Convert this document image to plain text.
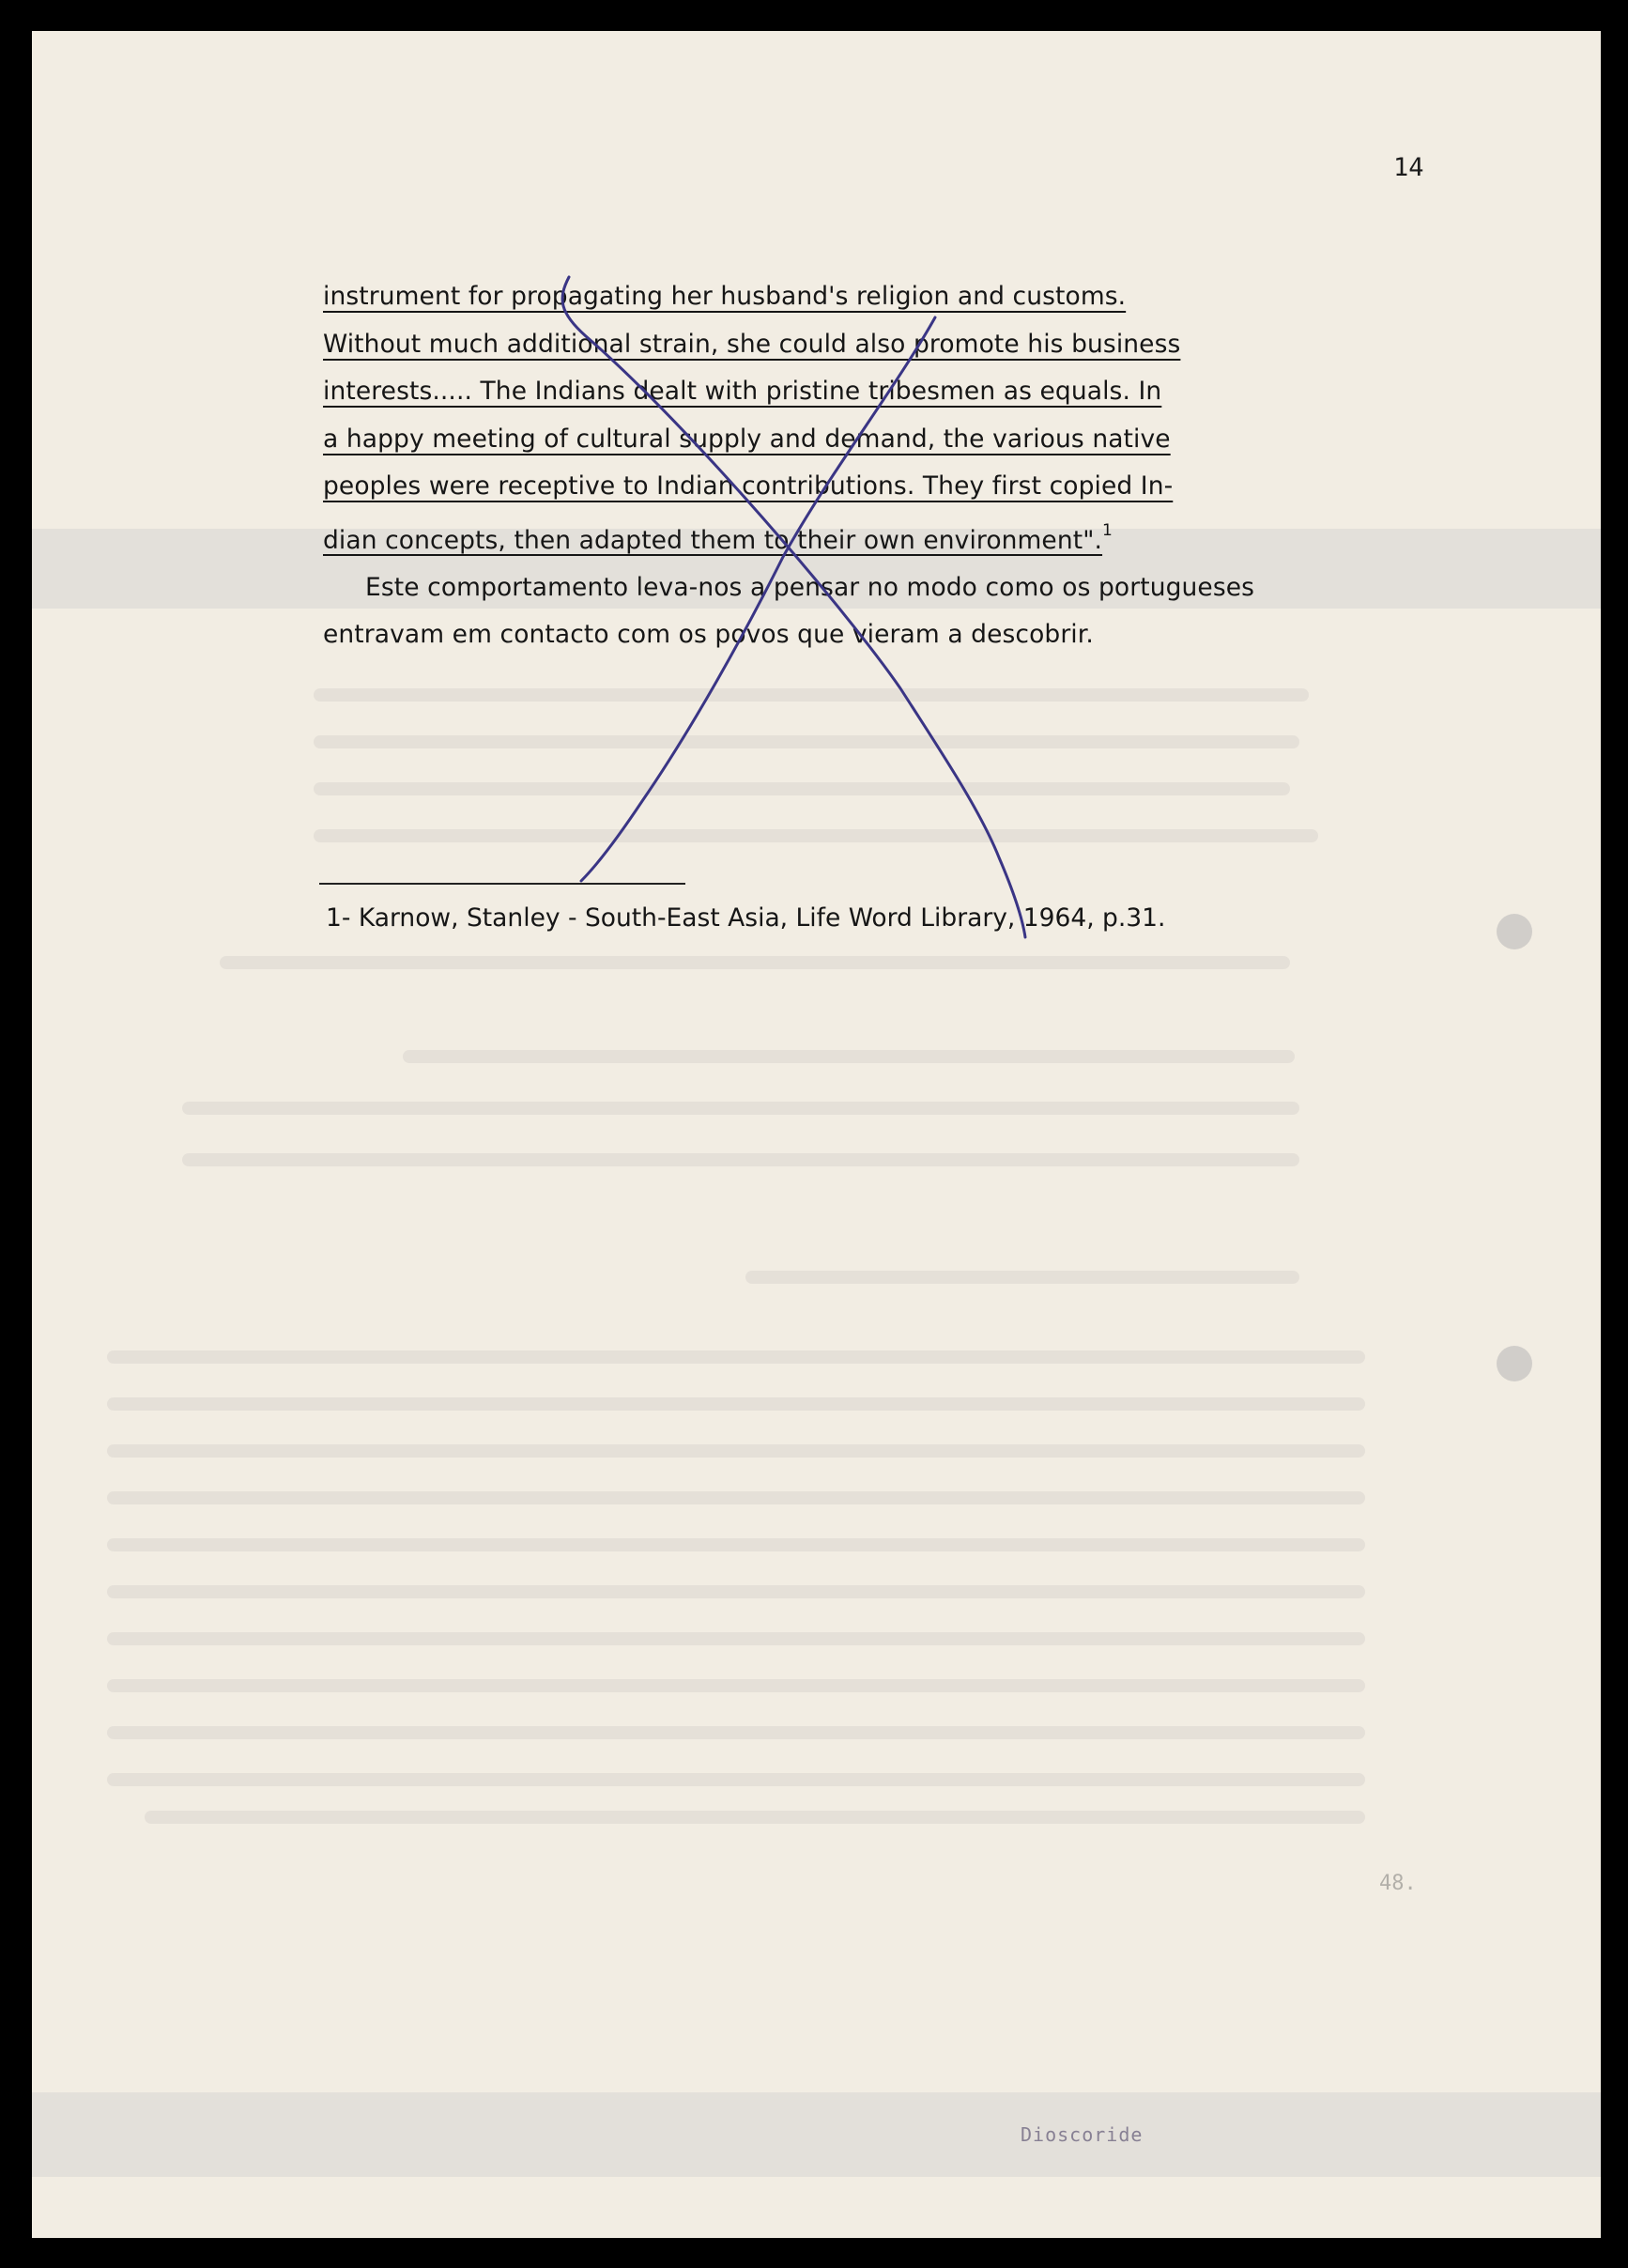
14
instrument for propagating her husband's religion and customs.
Without much additional strain, she could also promote his business
interests..... The Indians dealt with pristine tribesmen as equals. In
a happy meeting of cultural supply and demand, the various native
peoples were receptive to Indian contributions. They first copied In-
dian concepts, then adapted them to their own environment".$^1$
Este comportamento leva-nos a pensar no modo como os portugueses
entravam em contacto com os povos que vieram a descobrir.
1- Karnow, Stanley - South-East Asia, Life Word Library, 1964, p.31.
48.
Dioscoride
